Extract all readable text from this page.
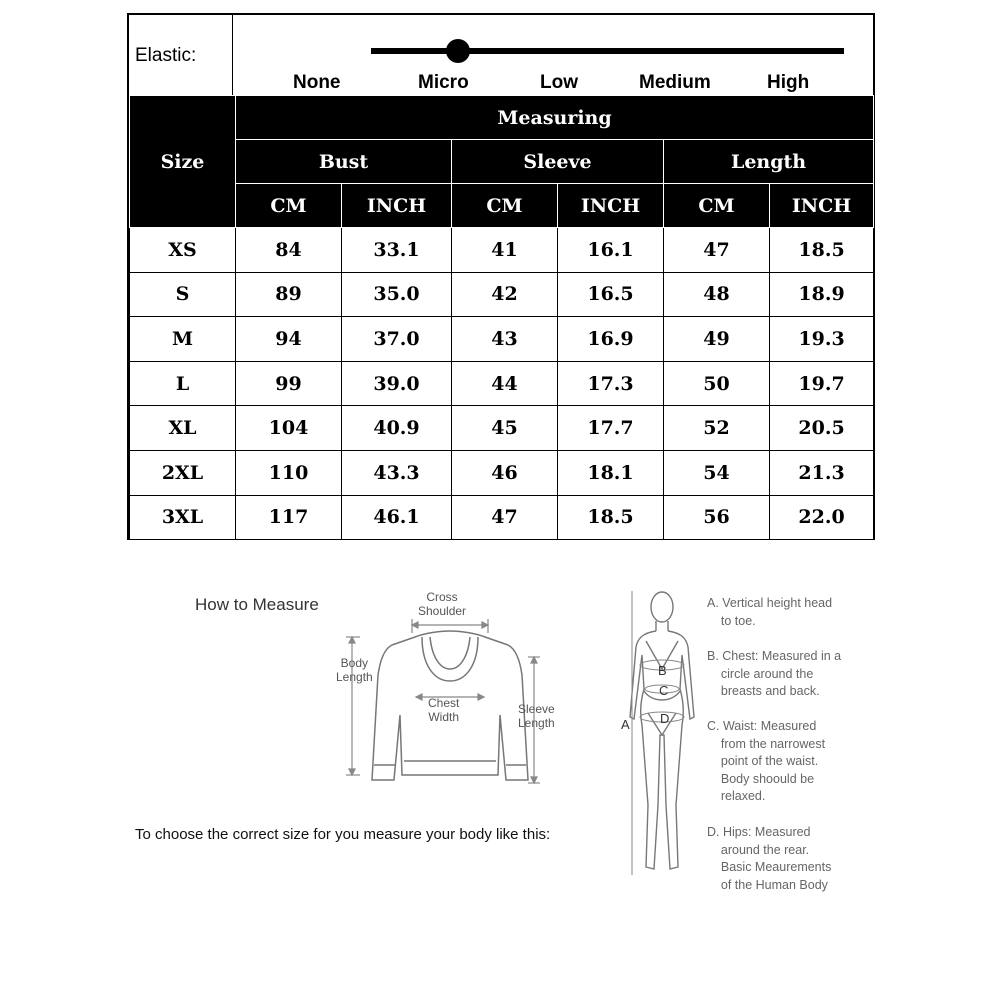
Elastic:
None	Micro	Low	Medium	High
Size	Measuring					
	Bust		Sleeve		Length	
	CM	INCH	CM	INCH	CM	INCH
XS	84	33.1	41	16.1	47	18.5
S	89	35.0	42	16.5	48	18.9
M	94	37.0	43	16.9	49	19.3
L	99	39.0	44	17.3	50	19.7
XL	104	40.9	45	17.7	52	20.5
2XL	110	43.3	46	18.1	54	21.3
3XL	117	46.1	47	18.5	56	22.0
How to Measure	Cross
Shoulder
Body
Length
Chest
Width
Sleeve
Length
To choose the correct size for you measure your body like this:
B
C
D
A
A. Vertical height head
to toe.
B. Chest: Measured in a
circle around the
breasts and back.
C. Waist: Measured
from the narrowest
point of the waist.
Body shoould be
relaxed.
D. Hips: Measured
around the rear.
Basic Meaurements
of the Human Body
